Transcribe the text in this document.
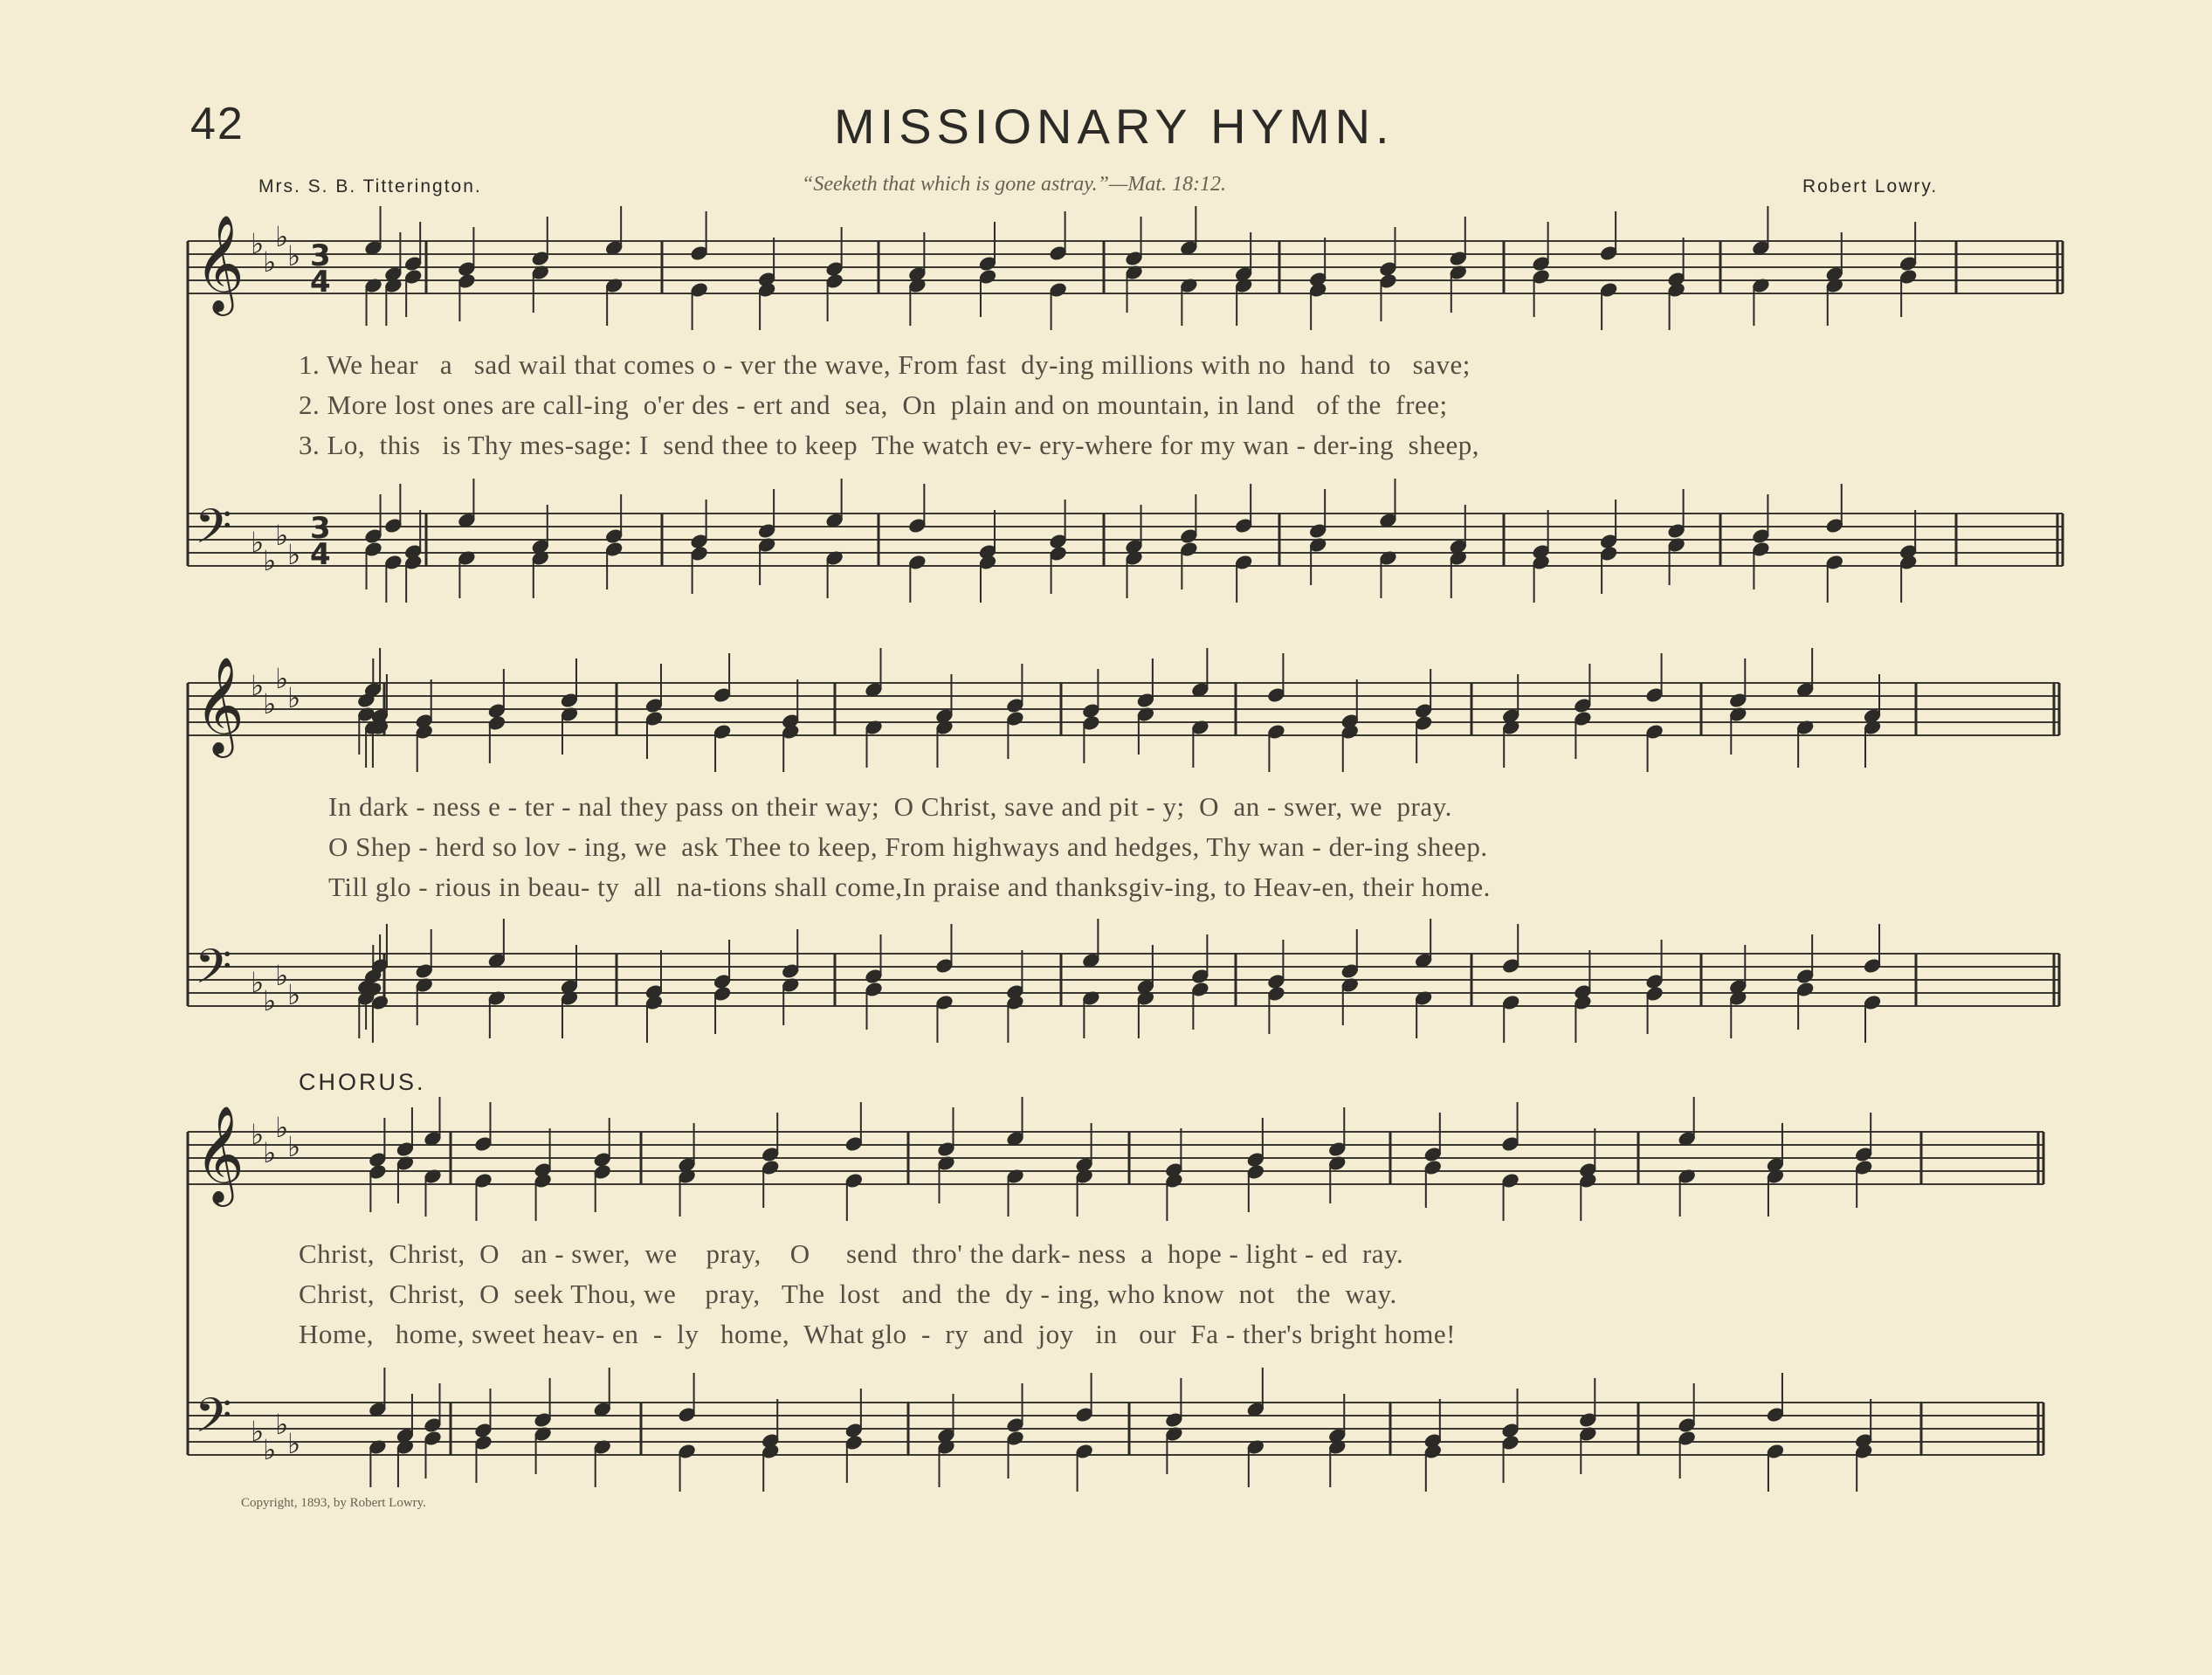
42	MISSIONARY HYMN.
Mrs. S. B. Titterington.	“Seeketh that which is gone astray.”—Mat. 18:12.	Robert Lowry.
𝄞 ♭
♭
♭
♭ 3
4
𝄢 ♭
♭
♭
♭
3
4
𝄞 ♭
♭
♭
♭
𝄢 ♭
♭
♭
♭
𝄞 ♭
♭
♭
♭
𝄢 ♭
♭
♭
♭
1. We hear   a   sad wail that comes o - ver the wave, From fast  dy-ing millions with no  hand  to   save;
2. More lost ones are call-ing  o'er des - ert and  sea,  On  plain and on mountain, in land   of the  free;
3. Lo,  this   is Thy mes-sage: I  send thee to keep  The watch ev- ery-where for my wan - der-ing  sheep,
In dark - ness e - ter - nal they pass on their way;  O Christ, save and pit - y;  O  an - swer, we  pray.
O Shep - herd so lov - ing, we  ask Thee to keep, From highways and hedges, Thy wan - der-ing sheep.
Till glo - rious in beau- ty  all  na-tions shall come,In praise and thanksgiv-ing, to Heav-en, their home.
CHORUS.
Christ,  Christ,  O   an - swer,  we    pray,    O     send  thro' the dark- ness  a  hope - light - ed  ray.
Christ,  Christ,  O  seek Thou, we    pray,   The  lost   and  the  dy - ing, who know  not   the  way.
Home,   home, sweet heav- en  -  ly   home,  What glo  -  ry  and  joy   in   our  Fa - ther's bright home!
Copyright, 1893, by Robert Lowry.
